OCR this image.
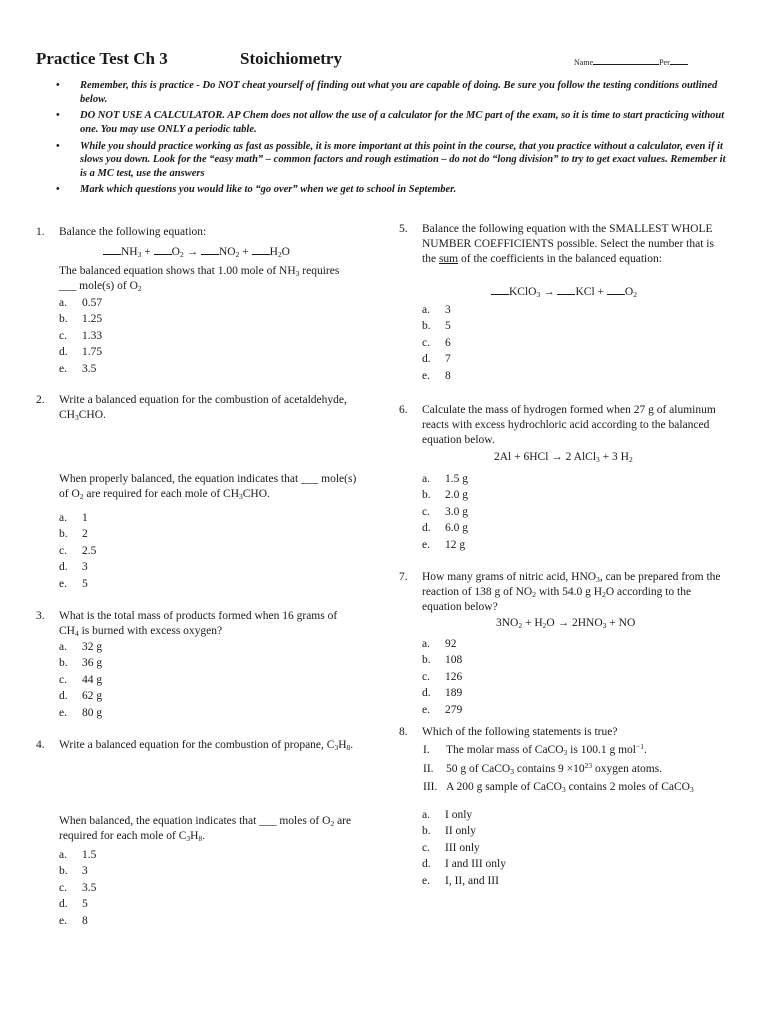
Practice Test Ch 3	Stoichiometry	Name	Per
• Remember, this is practice - Do NOT cheat yourself of finding out what you are capable of doing. Be sure you follow the testing conditions outlined below.
• DO NOT USE A CALCULATOR. AP Chem does not allow the use of a calculator for the MC part of the exam, so it is time to start practicing without one. You may use ONLY a periodic table.
• While you should practice working as fast as possible, it is more important at this point in the course, that you practice without a calculator, even if it slows you down. Look for the “easy math” – common factors and rough estimation – do not do “long division” to try to get exact values. Remember it is a MC test, use the answers
• Mark which questions you would like to “go over” when we get to school in September.
1. Balance the following equation:
$NH_3 + O_2 \to NO_2 + H_2O$
The balanced equation shows that 1.00 mole of $NH_3$ requires ___ mole(s) of $O_2$
a. 0.57
b. 1.25
c. 1.33
d. 1.75
e. 3.5
2. Write a balanced equation for the combustion of acetaldehyde, $CH_3CHO$.
When properly balanced, the equation indicates that ___ mole(s) of $O_2$ are required for each mole of $CH_3CHO$.
a. 1
b. 2
c. 2.5
d. 3
e. 5
3. What is the total mass of products formed when 16 grams of $CH_4$ is burned with excess oxygen?
a. 32 g
b. 36 g
c. 44 g
d. 62 g
e. 80 g
4. Write a balanced equation for the combustion of propane, $C_3H_8$.
When balanced, the equation indicates that ___ moles of $O_2$ are required for each mole of $C_3H_8$.
a. 1.5
b. 3
c. 3.5
d. 5
e. 8
5. Balance the following equation with the SMALLEST WHOLE NUMBER COEFFICIENTS possible. Select the number that is the sum of the coefficients in the balanced equation:
KClO$_3$ → KCl + $O_2$
a. 3
b. 5
c. 6
d. 7
e. 8
6. Calculate the mass of hydrogen formed when 27 g of aluminum reacts with excess hydrochloric acid according to the balanced equation below.
2Al + 6HCl → 2 AlCl$_3$ + 3 $H_2$
a. 1.5 g
b. 2.0 g
c. 3.0 g
d. 6.0 g
e. 12 g
7. How many grams of nitric acid, $HNO_3$, can be prepared from the reaction of 138 g of $NO_2$ with 54.0 g $H_2O$ according to the equation below?
$3NO_2 + H_2O \to 2HNO_3$ + NO
a. 92
b. 108
c. 126
d. 189
e. 279
8. Which of the following statements is true?
I. The molar mass of CaCO$_3$ is 100.1 g mol$^{-1}$.
II. 50 g of CaCO$_3$ contains $9 \times 10^{23}$ oxygen atoms.
III. A 200 g sample of CaCO$_3$ contains 2 moles of CaCO$_3$
a. I only
b. II only
c. III only
d. I and III only
e. I, II, and III
